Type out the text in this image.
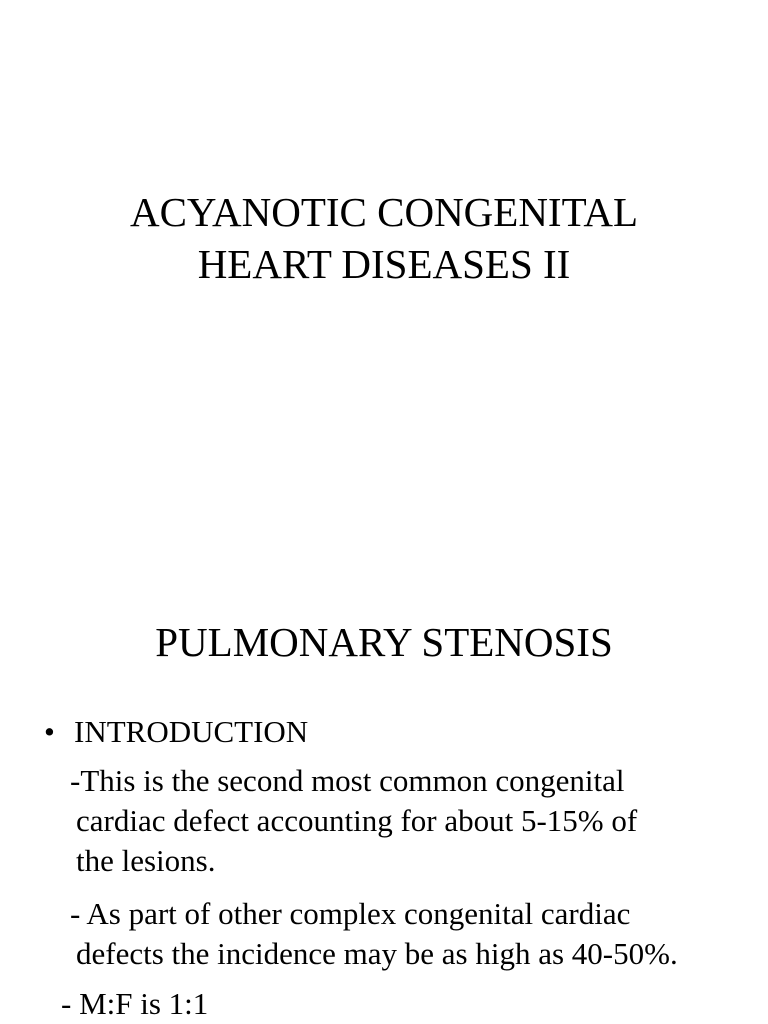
ACYANOTIC CONGENITAL
HEART DISEASES II
PULMONARY STENOSIS
• INTRODUCTION
-This is the second most common congenital
cardiac defect accounting for about 5-15% of
the lesions.
- As part of other complex congenital cardiac
defects the incidence may be as high as 40-50%.
- M:F is 1:1
